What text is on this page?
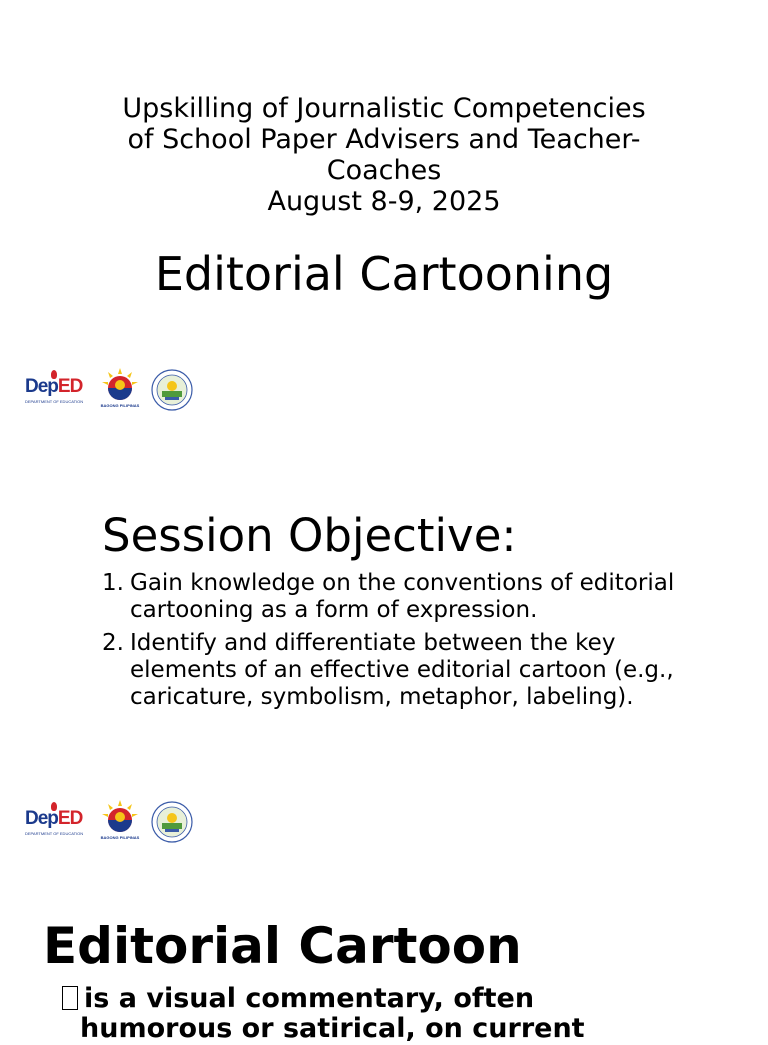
Upskilling of Journalistic Competencies
of School Paper Advisers and Teacher-
Coaches
August 8-9, 2025
Editorial Cartooning
DepED
DEPARTMENT OF EDUCATION
BAGONG PILIPINAS
Session Objective:
1. Gain knowledge on the conventions of editorial cartooning as a form of expression.
2. Identify and differentiate between the key elements of an effective editorial cartoon (e.g., caricature, symbolism, metaphor, labeling).
DepED
DEPARTMENT OF EDUCATION
BAGONG PILIPINAS
Editorial Cartoon
is a visual commentary, often
humorous or satirical, on current
